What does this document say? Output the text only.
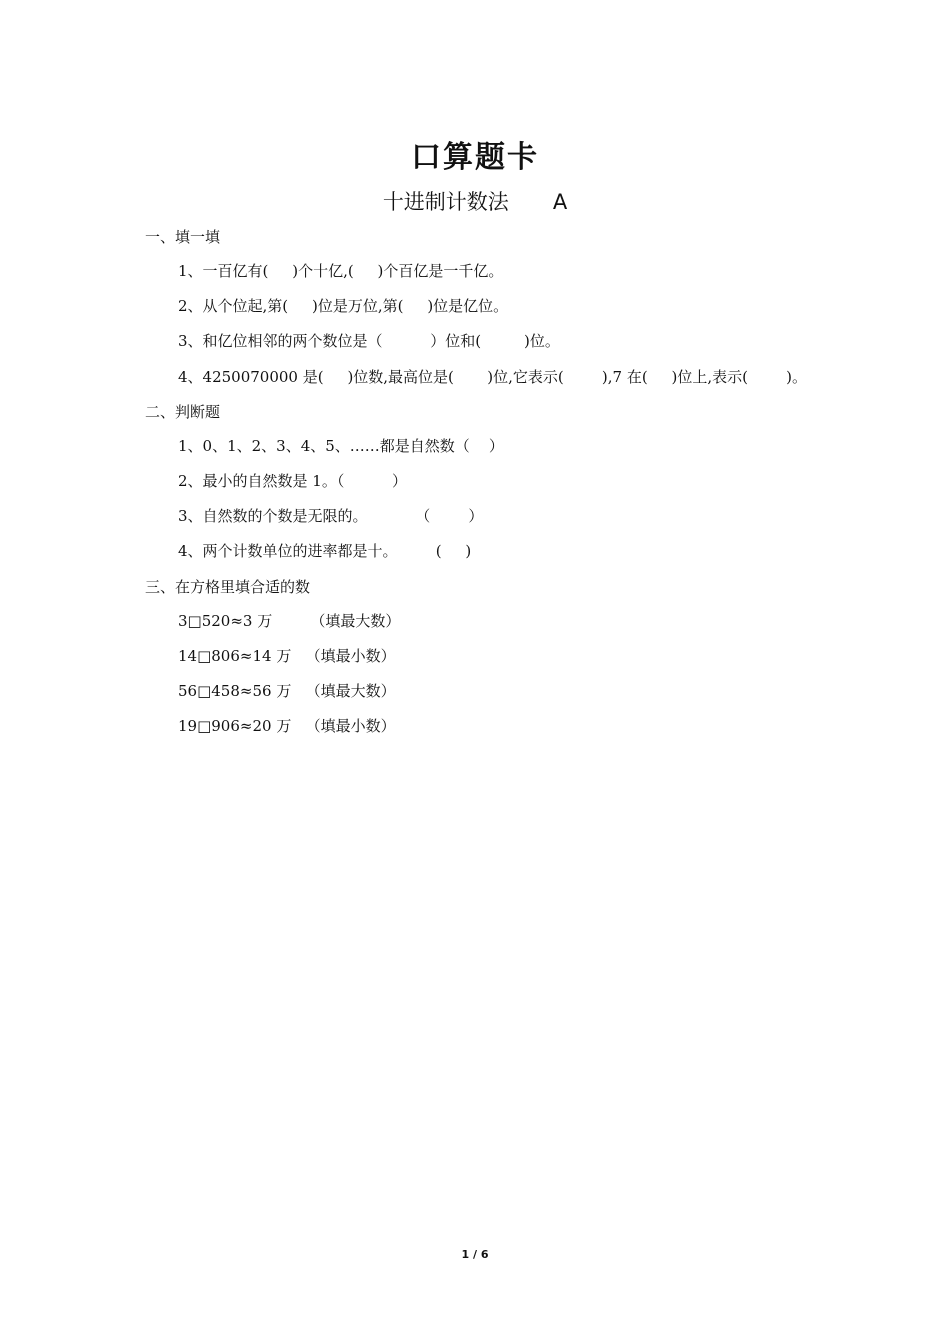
口算题卡
十进制计数法 A
一、填一填
1、一百亿有(     )个十亿,(     )个百亿是一千亿。
2、从个位起,第(     )位是万位,第(     )位是亿位。
3、和亿位相邻的两个数位是（          ）位和(         )位。
4、4250070000 是(     )位数,最高位是(       )位,它表示(        ),7 在(     )位上,表示(        )。
二、判断题
1、0、1、2、3、4、5、……都是自然数（    ）
2、最小的自然数是 1。（          ）
3、自然数的个数是无限的。          （        ）
4、两个计数单位的进率都是十。        (     )
三、在方格里填合适的数
3□520≈3 万        （填最大数）
14□806≈14 万   （填最小数）
56□458≈56 万   （填最大数）
19□906≈20 万   （填最小数）
1 / 6
